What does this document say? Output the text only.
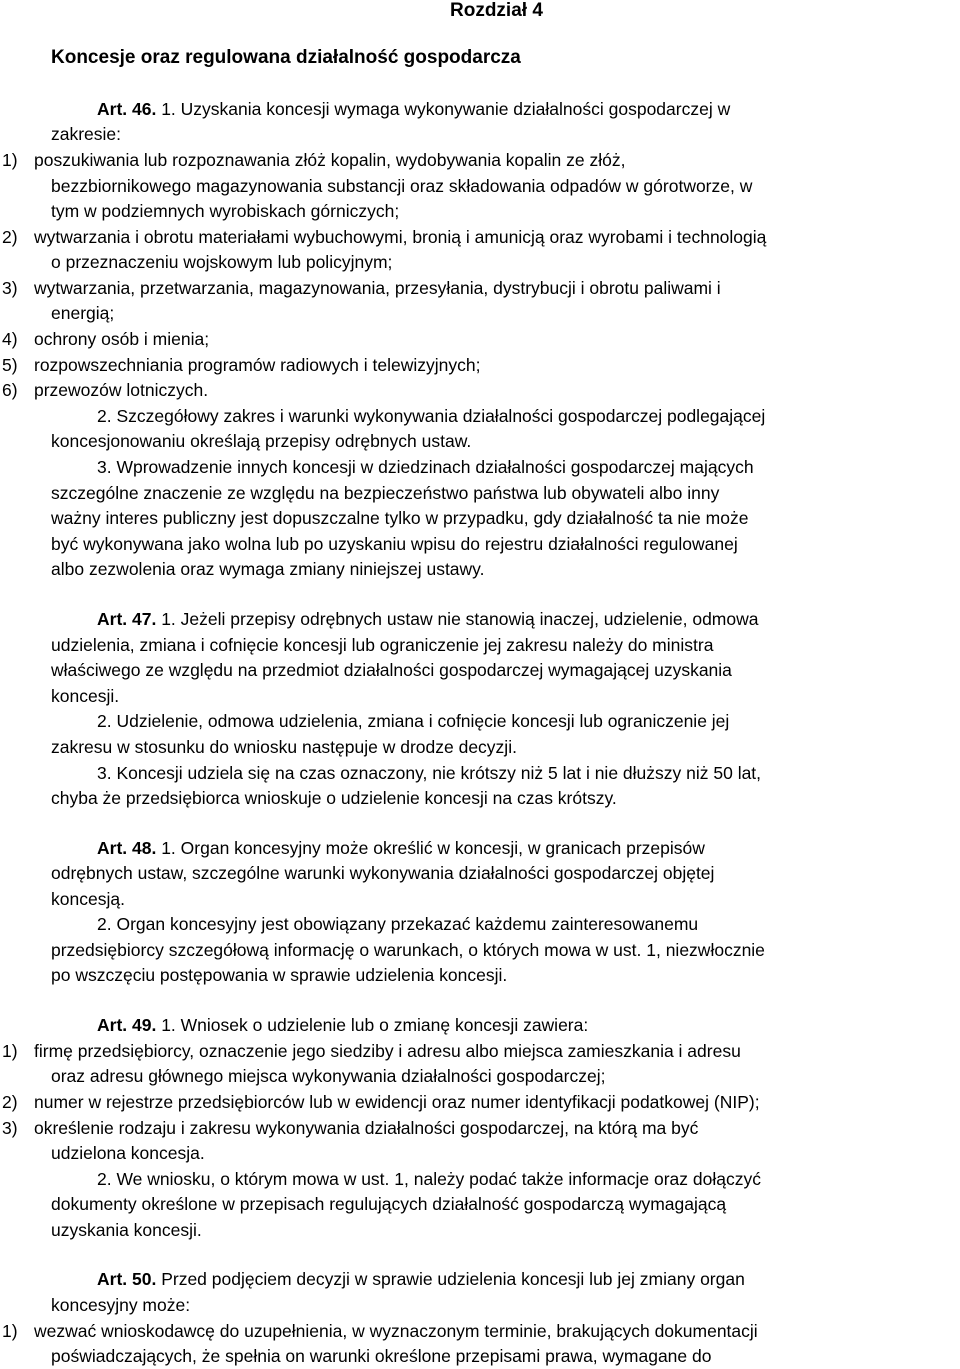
Rozdział 4
Koncesje oraz regulowana działalność gospodarcza
Art. 46. 1. Uzyskania koncesji wymaga wykonywanie działalności gospodarczej w
zakresie:
1) poszukiwania lub rozpoznawania złóż kopalin, wydobywania kopalin ze złóż,
bezzbiornikowego magazynowania substancji oraz składowania odpadów w górotworze, w
tym w podziemnych wyrobiskach górniczych;
2) wytwarzania i obrotu materiałami wybuchowymi, bronią i amunicją oraz wyrobami i technologią
o przeznaczeniu wojskowym lub policyjnym;
3) wytwarzania, przetwarzania, magazynowania, przesyłania, dystrybucji i obrotu paliwami i
energią;
4) ochrony osób i mienia;
5) rozpowszechniania programów radiowych i telewizyjnych;
6) przewozów lotniczych.
2. Szczegółowy zakres i warunki wykonywania działalności gospodarczej podlegającej
koncesjonowaniu określają przepisy odrębnych ustaw.
3. Wprowadzenie innych koncesji w dziedzinach działalności gospodarczej mających
szczególne znaczenie ze względu na bezpieczeństwo państwa lub obywateli albo inny
ważny interes publiczny jest dopuszczalne tylko w przypadku, gdy działalność ta nie może
być wykonywana jako wolna lub po uzyskaniu wpisu do rejestru działalności regulowanej
albo zezwolenia oraz wymaga zmiany niniejszej ustawy.
Art. 47. 1. Jeżeli przepisy odrębnych ustaw nie stanowią inaczej, udzielenie, odmowa
udzielenia, zmiana i cofnięcie koncesji lub ograniczenie jej zakresu należy do ministra
właściwego ze względu na przedmiot działalności gospodarczej wymagającej uzyskania
koncesji.
2. Udzielenie, odmowa udzielenia, zmiana i cofnięcie koncesji lub ograniczenie jej
zakresu w stosunku do wniosku następuje w drodze decyzji.
3. Koncesji udziela się na czas oznaczony, nie krótszy niż 5 lat i nie dłuższy niż 50 lat,
chyba że przedsiębiorca wnioskuje o udzielenie koncesji na czas krótszy.
Art. 48. 1. Organ koncesyjny może określić w koncesji, w granicach przepisów
odrębnych ustaw, szczególne warunki wykonywania działalności gospodarczej objętej
koncesją.
2. Organ koncesyjny jest obowiązany przekazać każdemu zainteresowanemu
przedsiębiorcy szczegółową informację o warunkach, o których mowa w ust. 1, niezwłocznie
po wszczęciu postępowania w sprawie udzielenia koncesji.
Art. 49. 1. Wniosek o udzielenie lub o zmianę koncesji zawiera:
1) firmę przedsiębiorcy, oznaczenie jego siedziby i adresu albo miejsca zamieszkania i adresu
oraz adresu głównego miejsca wykonywania działalności gospodarczej;
2) numer w rejestrze przedsiębiorców lub w ewidencji oraz numer identyfikacji podatkowej (NIP);
3) określenie rodzaju i zakresu wykonywania działalności gospodarczej, na którą ma być
udzielona koncesja.
2. We wniosku, o którym mowa w ust. 1, należy podać także informacje oraz dołączyć
dokumenty określone w przepisach regulujących działalność gospodarczą wymagającą
uzyskania koncesji.
Art. 50. Przed podjęciem decyzji w sprawie udzielenia koncesji lub jej zmiany organ
koncesyjny może:
1) wezwać wnioskodawcę do uzupełnienia, w wyznaczonym terminie, brakujących dokumentacji
poświadczających, że spełnia on warunki określone przepisami prawa, wymagane do
